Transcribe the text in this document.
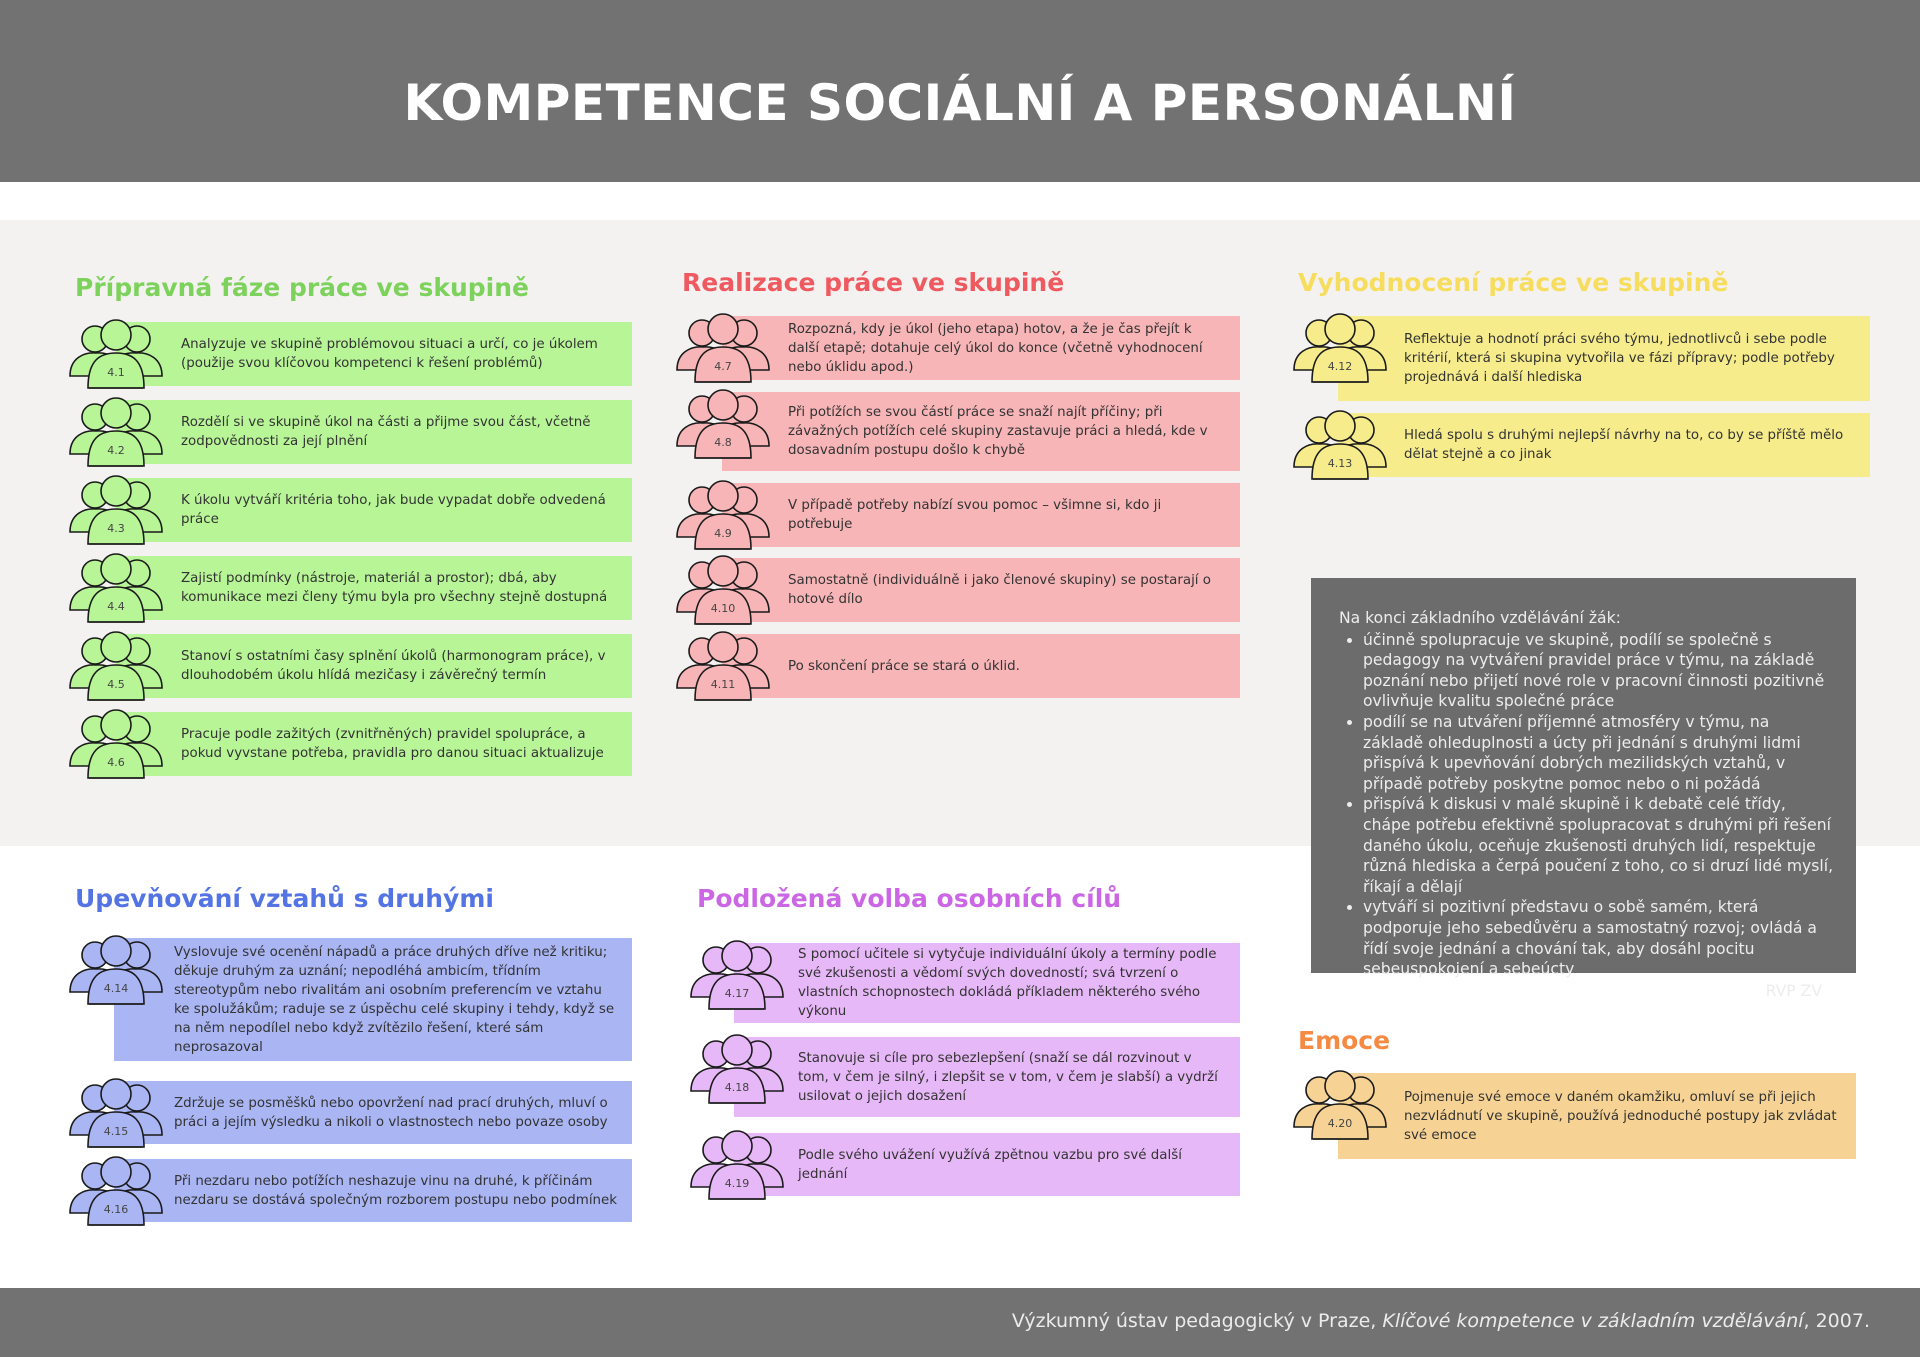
KOMPETENCE SOCIÁLNÍ A PERSONÁLNÍ
Přípravná fáze práce ve skupině	Realizace práce ve skupině	Vyhodnocení práce ve skupině
Upevňování vztahů s druhými	Podložená volba osobních cílů
Emoce
Analyzuje ve skupině problémovou situaci a určí, co je úkolem (použije svou klíčovou kompetenci k řešení problémů)
4.1
Rozdělí si ve skupině úkol na části a přijme svou část, včetně zodpovědnosti za její plnění
4.2
K úkolu vytváří kritéria toho, jak bude vypadat dobře odvedená práce
4.3
Zajistí podmínky (nástroje, materiál a prostor); dbá, aby komunikace mezi členy týmu byla pro všechny stejně dostupná
4.4
Stanoví s ostatními časy splnění úkolů (harmonogram práce), v dlouhodobém úkolu hlídá mezičasy i závěrečný termín
4.5
Pracuje podle zažitých (zvnitřněných) pravidel spolupráce, a pokud vyvstane potřeba, pravidla pro danou situaci aktualizuje
4.6
Rozpozná, kdy je úkol (jeho etapa) hotov, a že je čas přejít k další etapě; dotahuje celý úkol do konce (včetně vyhodnocení nebo úklidu apod.)
4.7
Při potížích se svou částí práce se snaží najít příčiny; při závažných potížích celé skupiny zastavuje práci a hledá, kde v dosavadním postupu došlo k chybě
4.8
V případě potřeby nabízí svou pomoc – všimne si, kdo ji potřebuje
4.9
Samostatně (individuálně i jako členové skupiny) se postarají o hotové dílo
4.10
Po skončení práce se stará o úklid.
4.11
Reflektuje a hodnotí práci svého týmu, jednotlivců i sebe podle kritérií, která si skupina vytvořila ve fázi přípravy; podle potřeby projednává i další hlediska
4.12
Hledá spolu s druhými nejlepší návrhy na to, co by se příště mělo dělat stejně a co jinak
4.13
Vyslovuje své ocenění nápadů a práce druhých dříve než kritiku; děkuje druhým za uznání; nepodléhá ambicím, třídním stereotypům nebo rivalitám ani osobním preferencím ve vztahu ke spolužákům; raduje se z úspěchu celé skupiny i tehdy, když se na něm nepodílel nebo když zvítězilo řešení, které sám neprosazoval
4.14
Zdržuje se posměšků nebo opovržení nad prací druhých, mluví o práci a jejím výsledku a nikoli o vlastnostech nebo povaze osoby
4.15
Při nezdaru nebo potížích neshazuje vinu na druhé, k příčinám nezdaru se dostává společným rozborem postupu nebo podmínek
4.16
S pomocí učitele si vytyčuje individuální úkoly a termíny podle své zkušenosti a vědomí svých dovedností; svá tvrzení o vlastních schopnostech dokládá příkladem některého svého výkonu
4.17
Stanovuje si cíle pro sebezlepšení (snaží se dál rozvinout v tom, v čem je silný, i zlepšit se v tom, v čem je slabší) a vydrží usilovat o jejich dosažení
4.18
Podle svého uvážení využívá zpětnou vazbu pro své další jednání
4.19
Pojmenuje své emoce v daném okamžiku, omluví se při jejich nezvládnutí ve skupině, používá jednoduché postupy jak zvládat své emoce
4.20
Na konci základního vzdělávání žák:
• účinně spolupracuje ve skupině, podílí se společně s pedagogy na vytváření pravidel práce v týmu, na základě poznání nebo přijetí nové role v pracovní činnosti pozitivně ovlivňuje kvalitu společné práce
• podílí se na utváření příjemné atmosféry v týmu, na základě ohleduplnosti a úcty při jednání s druhými lidmi přispívá k upevňování dobrých mezilidských vztahů, v případě potřeby poskytne pomoc nebo o ni požádá
• přispívá k diskusi v malé skupině i k debatě celé třídy, chápe potřebu efektivně spolupracovat s druhými při řešení daného úkolu, oceňuje zkušenosti druhých lidí, respektuje různá hlediska a čerpá poučení z toho, co si druzí lidé myslí, říkají a dělají
• vytváří si pozitivní představu o sobě samém, která podporuje jeho sebedůvěru a samostatný rozvoj; ovládá a řídí svoje jednání a chování tak, aby dosáhl pocitu sebeuspokojení a sebeúcty
RVP ZV

Výzkumný ústav pedagogický v Praze, Klíčové kompetence v základním vzdělávání, 2007.
